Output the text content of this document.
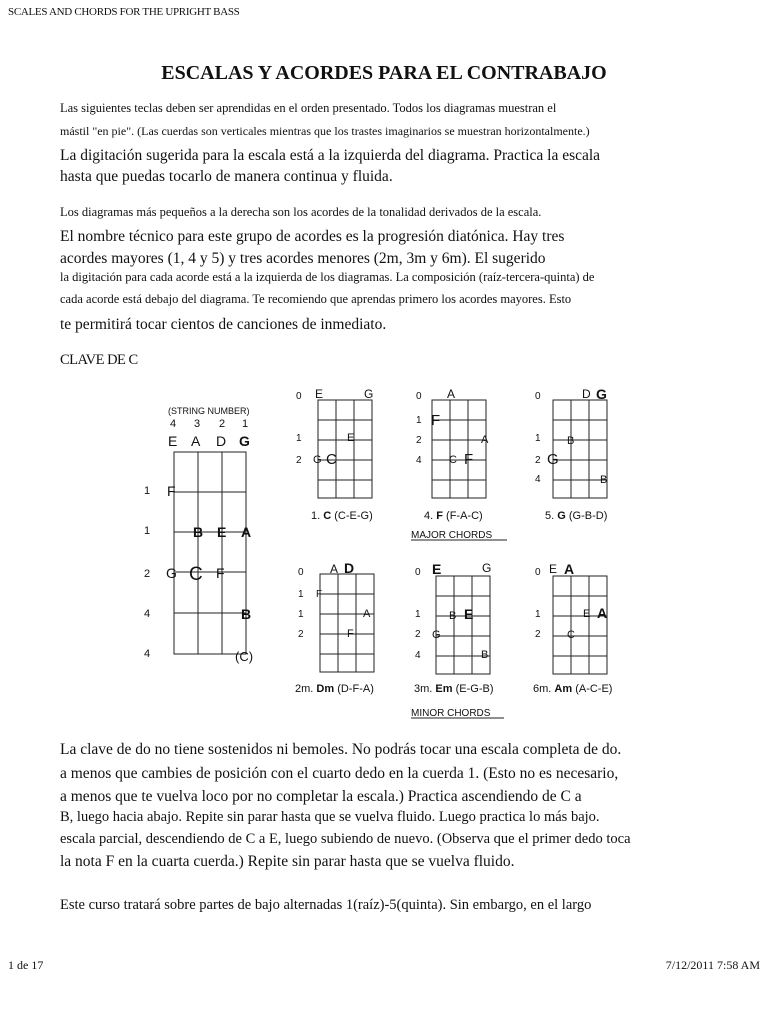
SCALES AND CHORDS FOR THE UPRIGHT BASS
ESCALAS Y ACORDES PARA EL CONTRABAJO
Las siguientes teclas deben ser aprendidas en el orden presentado. Todos los diagramas muestran el
mástil "en pie". (Las cuerdas son verticales mientras que los trastes imaginarios se muestran horizontalmente.)
La digitación sugerida para la escala está a la izquierda del diagrama. Practica la escala
hasta que puedas tocarlo de manera continua y fluida.
Los diagramas más pequeños a la derecha son los acordes de la tonalidad derivados de la escala.
El nombre técnico para este grupo de acordes es la progresión diatónica. Hay tres
acordes mayores (1, 4 y 5) y tres acordes menores (2m, 3m y 6m). El sugerido
la digitación para cada acorde está a la izquierda de los diagramas. La composición (raíz-tercera-quinta) de
cada acorde está debajo del diagrama. Te recomiendo que aprendas primero los acordes mayores. Esto
te permitirá tocar cientos de canciones de inmediato.
CLAVE DE C
(STRING NUMBER)
4 3 2 1
E A D G
1
1
2
4
4
F
B E A
G C F
B
(C)
0 E	G
1	E
2 G C
0 A
1 F
2	A
4 C F
0	D G
1 B
2 G
4	B
1. C (C-E-G)	4. F (F-A-C)	5. G (G-B-D)
MAJOR CHORDS
0 A D
1 F
1	A
2	F
0 E	G
1	B E
2 G
4	B
0 E A
1	E A
2 C
2m. Dm (D-F-A)	3m. Em (E-G-B)	6m. Am (A-C-E)
MINOR CHORDS
La clave de do no tiene sostenidos ni bemoles. No podrás tocar una escala completa de do.
a menos que cambies de posición con el cuarto dedo en la cuerda 1. (Esto no es necesario,
a menos que te vuelva loco por no completar la escala.) Practica ascendiendo de C a
B, luego hacia abajo. Repite sin parar hasta que se vuelva fluido. Luego practica lo más bajo.
escala parcial, descendiendo de C a E, luego subiendo de nuevo. (Observa que el primer dedo toca
la nota F en la cuarta cuerda.) Repite sin parar hasta que se vuelva fluido.
Este curso tratará sobre partes de bajo alternadas 1(raíz)-5(quinta). Sin embargo, en el largo
1 de 17	7/12/2011 7:58 AM
